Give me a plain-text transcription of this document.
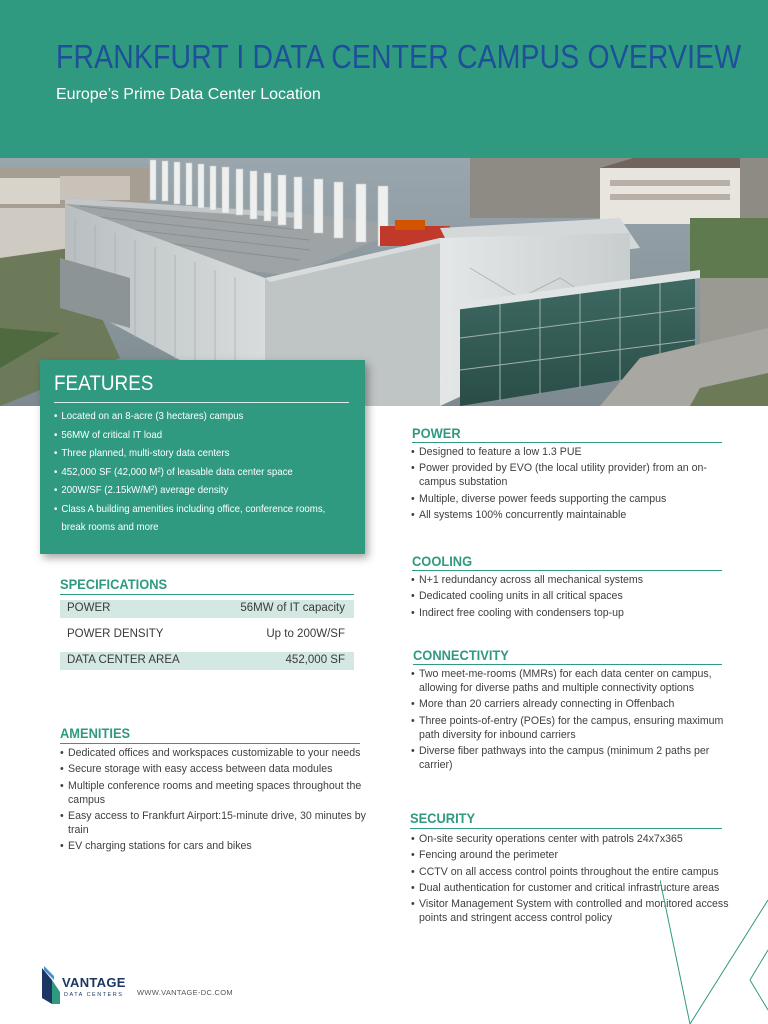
FRANKFURT I DATA CENTER CAMPUS OVERVIEW
Europe’s Prime Data Center Location
FEATURES
• Located on an 8-acre (3 hectares) campus
• 56MW of critical IT load
• Three planned, multi-story data centers
• 452,000 SF (42,000 M²) of leasable data center space
• 200W/SF (2.15kW/M²) average density
• Class A building amenities including office, conference rooms, break rooms and more
SPECIFICATIONS
POWER	56MW of IT capacity
POWER DENSITY	Up to 200W/SF
DATA CENTER AREA	452,000 SF
AMENITIES
• Dedicated offices and workspaces customizable to your needs
• Secure storage with easy access between data modules
• Multiple conference rooms and meeting spaces throughout the campus
• Easy access to Frankfurt Airport:15-minute drive, 30 minutes by train
• EV charging stations for cars and bikes
POWER
• Designed to feature a low 1.3 PUE
• Power provided by EVO (the local utility provider) from an on-campus substation
• Multiple, diverse power feeds supporting the campus
• All systems 100% concurrently maintainable
COOLING
• N+1 redundancy across all mechanical systems
• Dedicated cooling units in all critical spaces
• Indirect free cooling with condensers top-up
CONNECTIVITY
• Two meet-me-rooms (MMRs) for each data center on campus, allowing for diverse paths and multiple connectivity options
• More than 20 carriers already connecting in Offenbach
• Three points-of-entry (POEs) for the campus, ensuring maximum path diversity for inbound carriers
• Diverse fiber pathways into the campus (minimum 2 paths per carrier)
SECURITY
• On-site security operations center with patrols 24x7x365
• Fencing around the perimeter
• CCTV on all access control points throughout the entire campus
• Dual authentication for customer and critical infrastructure areas
• Visitor Management System with controlled and monitored access points and stringent access control policy
VANTAGE
DATA CENTERS WWW.VANTAGE-DC.COM
